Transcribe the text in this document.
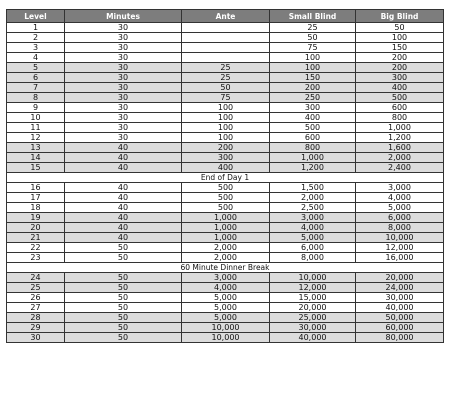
Level	Minutes	Ante	Small Blind	Big Blind
1	30		25	50
2	30		50	100
3	30		75	150
4	30		100	200
5	30	25	100	200
6	30	25	150	300
7	30	50	200	400
8	30	75	250	500
9	30	100	300	600
10	30	100	400	800
11	30	100	500	1,000
12	30	100	600	1,200
13	40	200	800	1,600
14	40	300	1,000	2,000
15	40	400	1,200	2,400
End of Day 1				
16	40	500	1,500	3,000
17	40	500	2,000	4,000
18	40	500	2,500	5,000
19	40	1,000	3,000	6,000
20	40	1,000	4,000	8,000
21	40	1,000	5,000	10,000
22	50	2,000	6,000	12,000
23	50	2,000	8,000	16,000
60 Minute Dinner Break				
24	50	3,000	10,000	20,000
25	50	4,000	12,000	24,000
26	50	5,000	15,000	30,000
27	50	5,000	20,000	40,000
28	50	5,000	25,000	50,000
29	50	10,000	30,000	60,000
30	50	10,000	40,000	80,000
